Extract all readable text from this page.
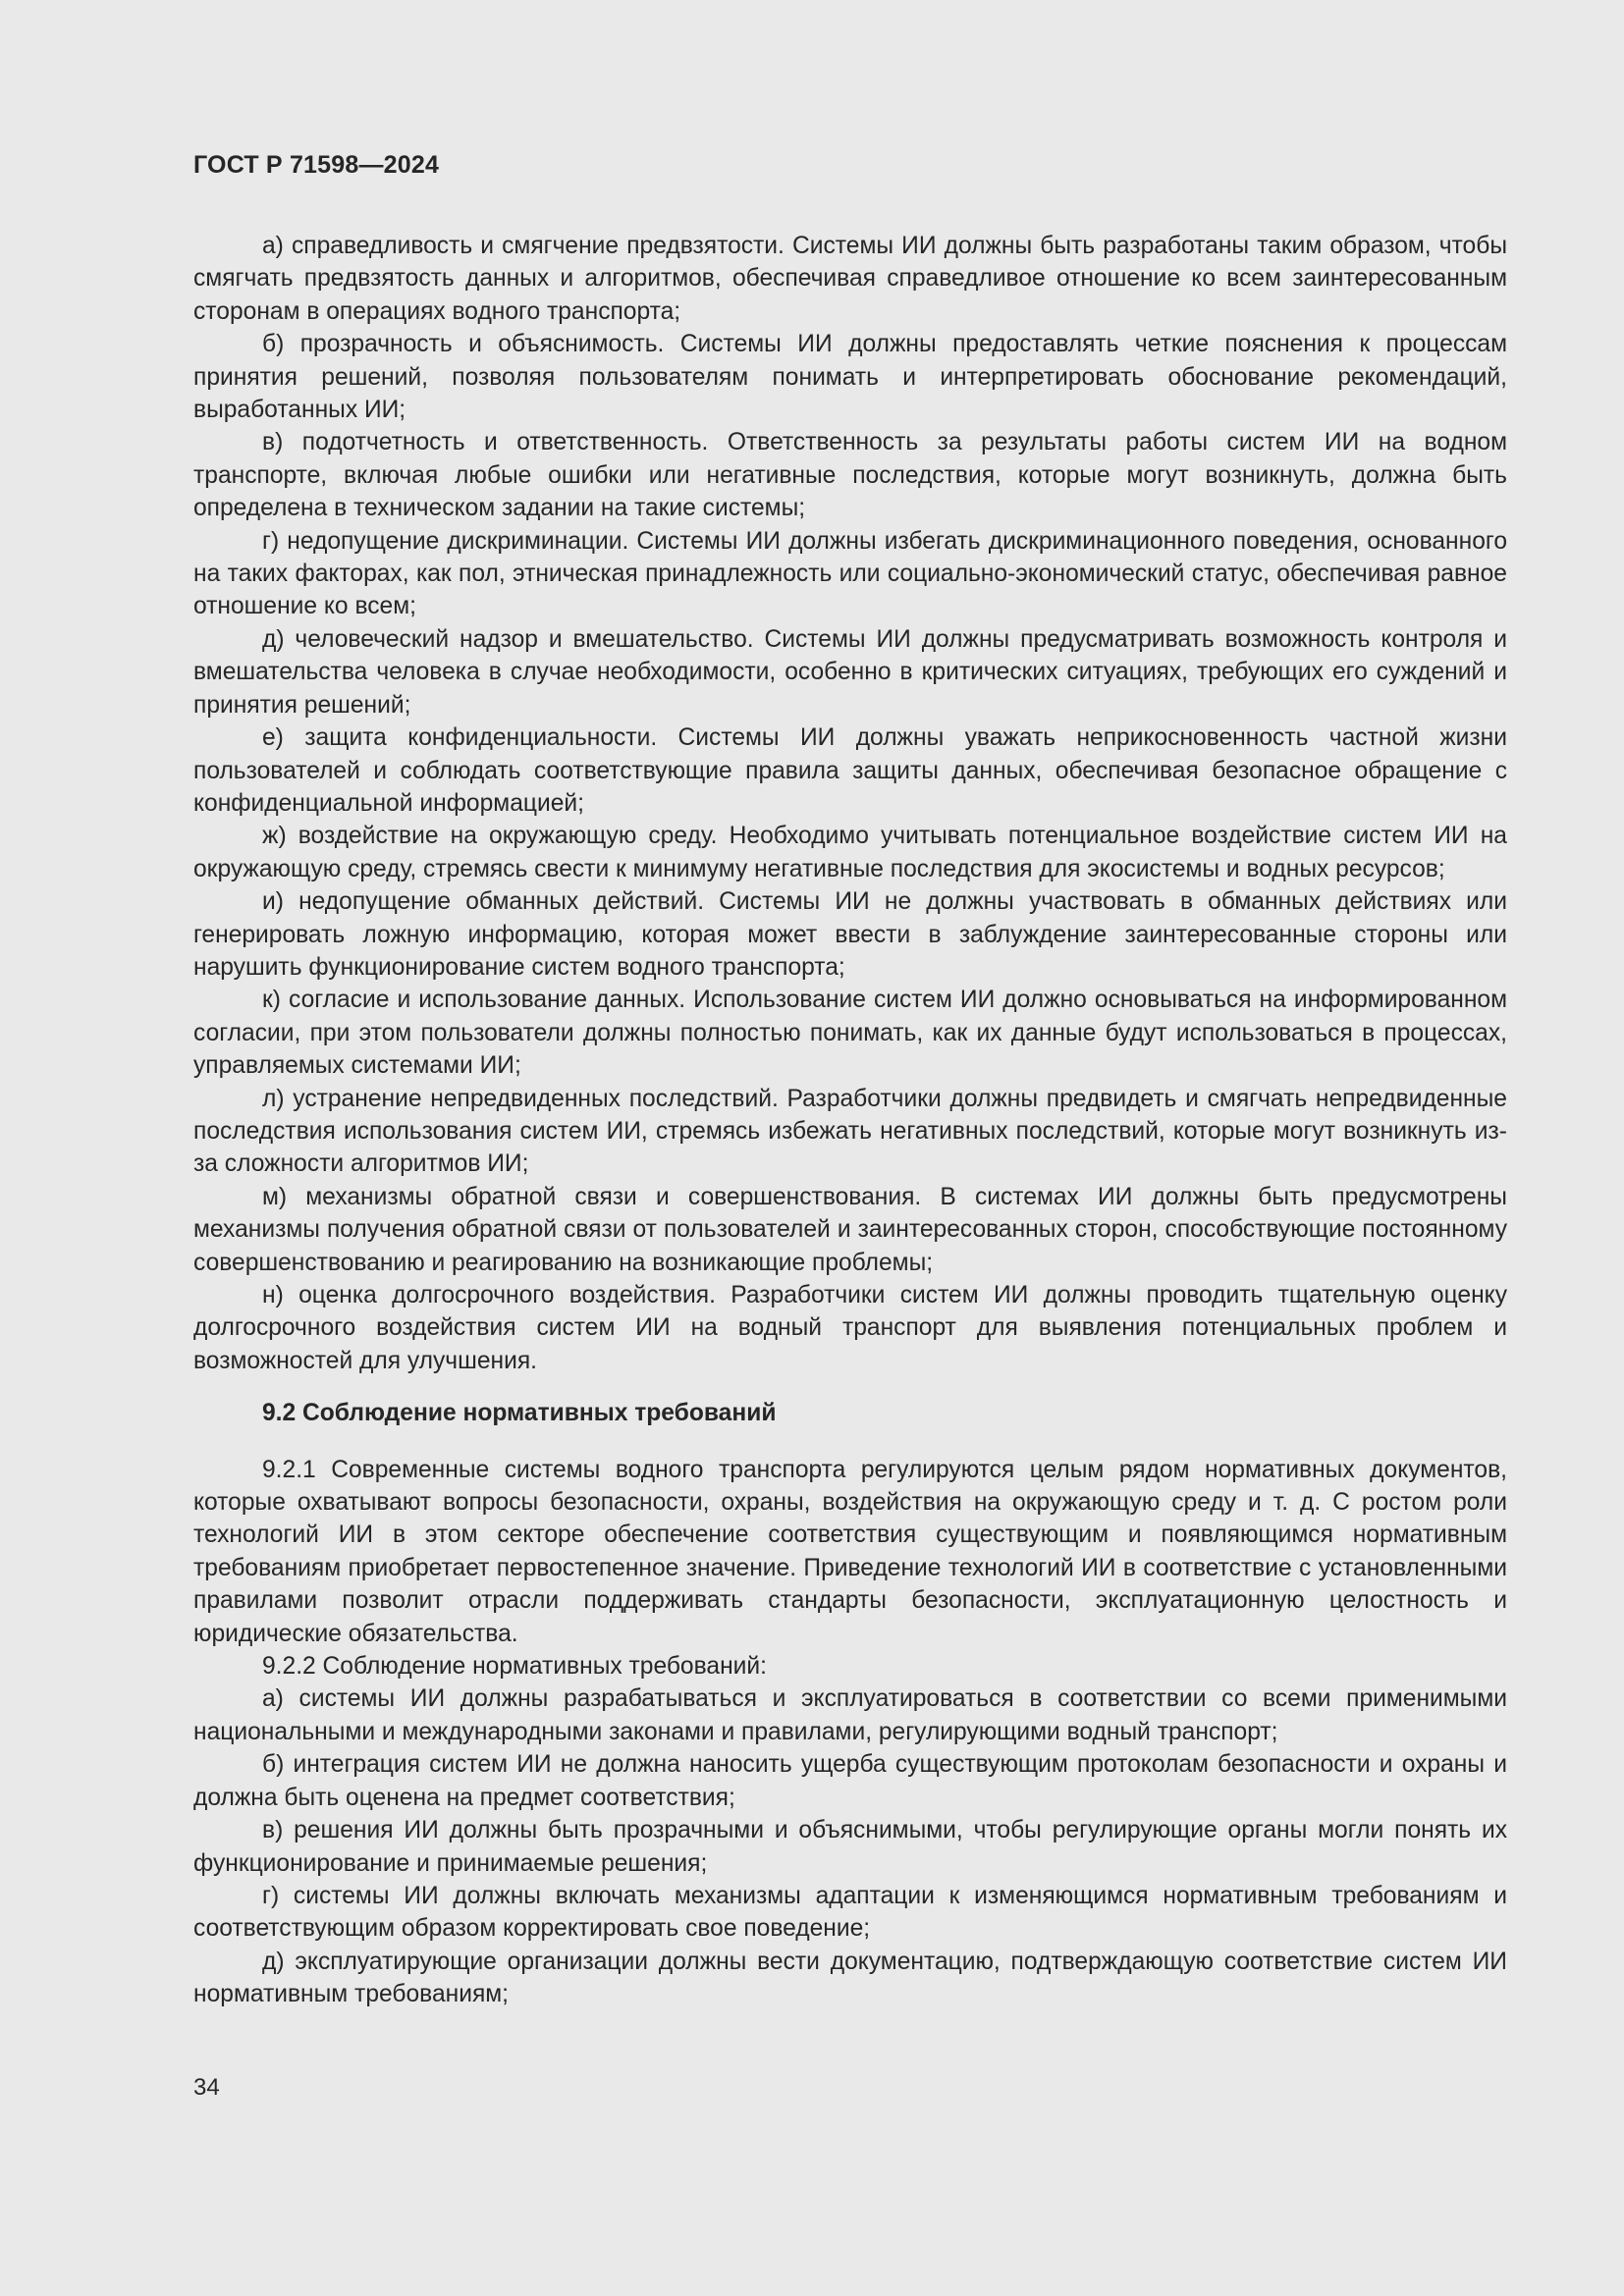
ГОСТ Р 71598—2024

а) справедливость и смягчение предвзятости. Системы ИИ должны быть разработаны таким образом, чтобы смягчать предвзятость данных и алгоритмов, обеспечивая справедливое отношение ко всем заинтересованным сторонам в операциях водного транспорта;

б) прозрачность и объяснимость. Системы ИИ должны предоставлять четкие пояснения к процессам принятия решений, позволяя пользователям понимать и интерпретировать обоснование рекомендаций, выработанных ИИ;

в) подотчетность и ответственность. Ответственность за результаты работы систем ИИ на водном транспорте, включая любые ошибки или негативные последствия, которые могут возникнуть, должна быть определена в техническом задании на такие системы;

г) недопущение дискриминации. Системы ИИ должны избегать дискриминационного поведения, основанного на таких факторах, как пол, этническая принадлежность или социально-экономический статус, обеспечивая равное отношение ко всем;

д) человеческий надзор и вмешательство. Системы ИИ должны предусматривать возможность контроля и вмешательства человека в случае необходимости, особенно в критических ситуациях, требующих его суждений и принятия решений;

е) защита конфиденциальности. Системы ИИ должны уважать неприкосновенность частной жизни пользователей и соблюдать соответствующие правила защиты данных, обеспечивая безопасное обращение с конфиденциальной информацией;

ж) воздействие на окружающую среду. Необходимо учитывать потенциальное воздействие систем ИИ на окружающую среду, стремясь свести к минимуму негативные последствия для экосистемы и водных ресурсов;

и) недопущение обманных действий. Системы ИИ не должны участвовать в обманных действиях или генерировать ложную информацию, которая может ввести в заблуждение заинтересованные стороны или нарушить функционирование систем водного транспорта;

к) согласие и использование данных. Использование систем ИИ должно основываться на информированном согласии, при этом пользователи должны полностью понимать, как их данные будут использоваться в процессах, управляемых системами ИИ;

л) устранение непредвиденных последствий. Разработчики должны предвидеть и смягчать непредвиденные последствия использования систем ИИ, стремясь избежать негативных последствий, которые могут возникнуть из-за сложности алгоритмов ИИ;

м) механизмы обратной связи и совершенствования. В системах ИИ должны быть предусмотрены механизмы получения обратной связи от пользователей и заинтересованных сторон, способствующие постоянному совершенствованию и реагированию на возникающие проблемы;

н) оценка долгосрочного воздействия. Разработчики систем ИИ должны проводить тщательную оценку долгосрочного воздействия систем ИИ на водный транспорт для выявления потенциальных проблем и возможностей для улучшения.

9.2 Соблюдение нормативных требований

9.2.1 Современные системы водного транспорта регулируются целым рядом нормативных документов, которые охватывают вопросы безопасности, охраны, воздействия на окружающую среду и т. д. С ростом роли технологий ИИ в этом секторе обеспечение соответствия существующим и появляющимся нормативным требованиям приобретает первостепенное значение. Приведение технологий ИИ в соответствие с установленными правилами позволит отрасли поддерживать стандарты безопасности, эксплуатационную целостность и юридические обязательства.

9.2.2 Соблюдение нормативных требований:

а) системы ИИ должны разрабатываться и эксплуатироваться в соответствии со всеми применимыми национальными и международными законами и правилами, регулирующими водный транспорт;

б) интеграция систем ИИ не должна наносить ущерба существующим протоколам безопасности и охраны и должна быть оценена на предмет соответствия;

в) решения ИИ должны быть прозрачными и объяснимыми, чтобы регулирующие органы могли понять их функционирование и принимаемые решения;

г) системы ИИ должны включать механизмы адаптации к изменяющимся нормативным требованиям и соответствующим образом корректировать свое поведение;

д) эксплуатирующие организации должны вести документацию, подтверждающую соответствие систем ИИ нормативным требованиям;

34
